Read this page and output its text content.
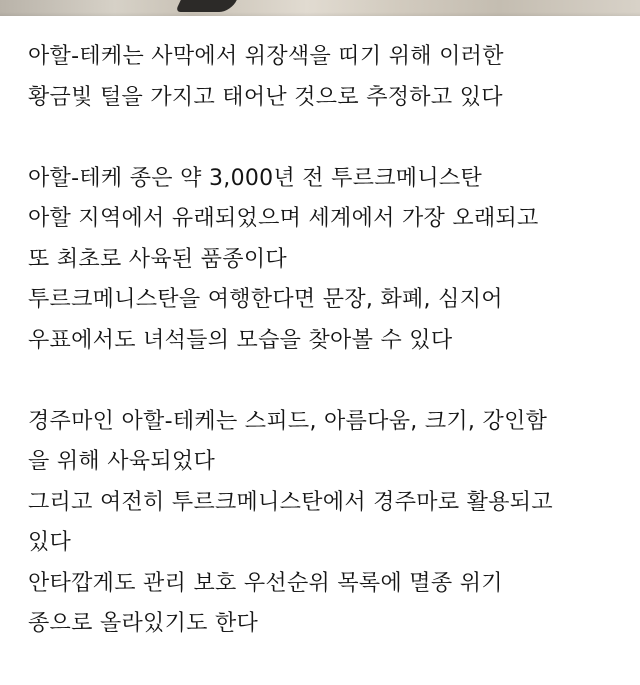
아할-테케는 사막에서 위장색을 띠기 위해 이러한
황금빛 털을 가지고 태어난 것으로 추정하고 있다
아할-테케 종은 약 3,000년 전 투르크메니스탄
아할 지역에서 유래되었으며 세계에서 가장 오래되고
또 최초로 사육된 품종이다
투르크메니스탄을 여행한다면 문장, 화폐, 심지어
우표에서도 녀석들의 모습을 찾아볼 수 있다
경주마인 아할-테케는 스피드, 아름다움, 크기, 강인함
을 위해 사육되었다
그리고 여전히 투르크메니스탄에서 경주마로 활용되고
있다
안타깝게도 관리 보호 우선순위 목록에 멸종 위기
종으로 올라있기도 한다
